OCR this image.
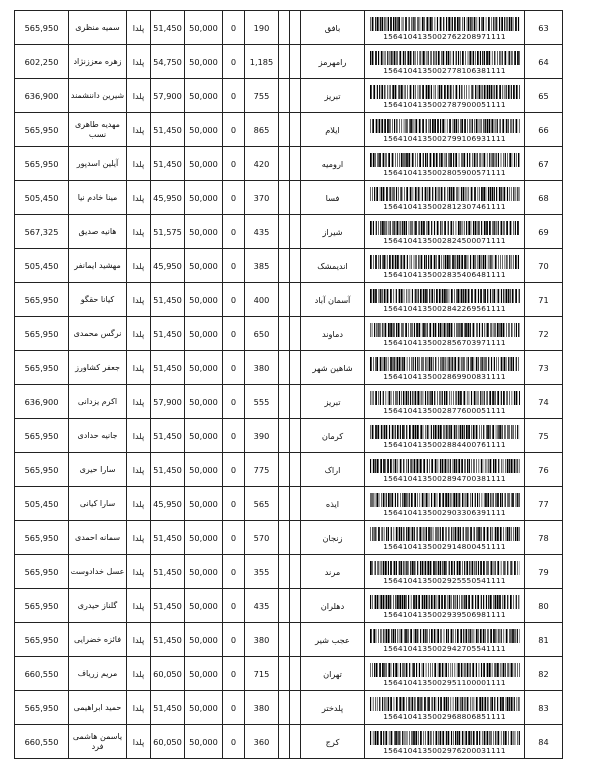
565,950	سمیه منظری	پلدا	51,450	50,000	0	190			بافق	1564104135002762208971111	63
602,250	زهره معززنژاد	پلدا	54,750	50,000	0	1,185			رامهرمز	1564104135002778106381111	64
636,900	شیرین داننشمند	پلدا	57,900	50,000	0	755			تبریز	1564104135002787900051111	65
565,950	مهدیه طاهری نسب	پلدا	51,450	50,000	0	865			ایلام	1564104135002799106931111	66
565,950	آیلین اسدپور	پلدا	51,450	50,000	0	420			ارومیه	1564104135002805900571111	67
505,450	مینا خادم نیا	پلدا	45,950	50,000	0	370			فسا	1564104135002812307461111	68
567,325	هانیه صدیق	پلدا	51,575	50,000	0	435			شیراز	1564104135002824500071111	69
505,450	مهشید ایمانفر	پلدا	45,950	50,000	0	385			اندیمشک	1564104135002835406481111	70
565,950	کیانا حقگو	پلدا	51,450	50,000	0	400			آسمان آباد	1564104135002842269561111	71
565,950	نرگس محمدی	پلدا	51,450	50,000	0	650			دماوند	1564104135002856703971111	72
565,950	جعفر کشاورز	پلدا	51,450	50,000	0	380			شاهین شهر	1564104135002869900831111	73
636,900	اکرم یزدانی	پلدا	57,900	50,000	0	555			تبریز	1564104135002877600051111	74
565,950	جانیه حدادی	پلدا	51,450	50,000	0	390			کرمان	1564104135002884400761111	75
565,950	سارا حیری	پلدا	51,450	50,000	0	775			اراک	1564104135002894700381111	76
505,450	سارا کیانی	پلدا	45,950	50,000	0	565			ایذه	1564104135002903306391111	77
565,950	سمانه احمدی	پلدا	51,450	50,000	0	570			زنجان	1564104135002914800451111	78
565,950	عسل خدادوست	پلدا	51,450	50,000	0	355			مرند	1564104135002925550541111	79
565,950	گلناز حیدری	پلدا	51,450	50,000	0	435			دهلران	1564104135002939506981111	80
565,950	فائزه خضرایی	پلدا	51,450	50,000	0	380			عجب شیر	1564104135002942705541111	81
660,550	مریم زریاف	پلدا	60,050	50,000	0	715			تهران	1564104135002951100001111	82
565,950	حمید ابراهیمی	پلدا	51,450	50,000	0	380			پلدختر	1564104135002968806851111	83
660,550	یاسمن هاشمی فرد	پلدا	60,050	50,000	0	360			کرج	1564104135002976200031111	84
